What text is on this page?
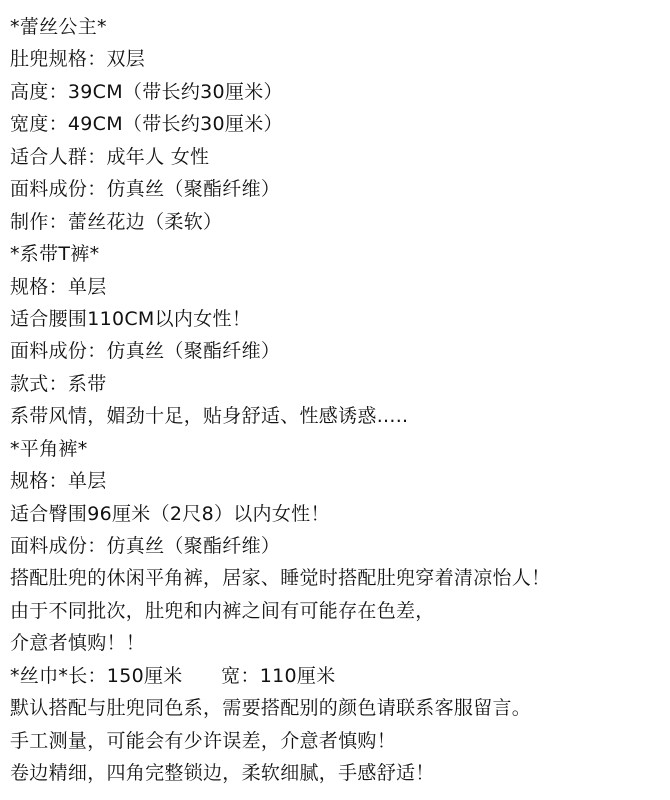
*蕾丝公主*
肚兜规格：双层
高度：39CM（带长约30厘米）
宽度：49CM（带长约30厘米）
适合人群：成年人 女性
面料成份：仿真丝（聚酯纤维）
制作：蕾丝花边（柔软）
*系带T裤*
规格：单层
适合腰围110CM以内女性！
面料成份：仿真丝（聚酯纤维）
款式：系带
系带风情，媚劲十足，贴身舒适、性感诱惑.....
*平角裤*
规格：单层
适合臀围96厘米（2尺8）以内女性！
面料成份：仿真丝（聚酯纤维）
搭配肚兜的休闲平角裤，居家、睡觉时搭配肚兜穿着清凉怡人！
由于不同批次，肚兜和内裤之间有可能存在色差，
介意者慎购！！
*丝巾*长：150厘米　　宽：110厘米
默认搭配与肚兜同色系，需要搭配别的颜色请联系客服留言。
手工测量，可能会有少许误差，介意者慎购！
卷边精细，四角完整锁边，柔软细腻，手感舒适！
